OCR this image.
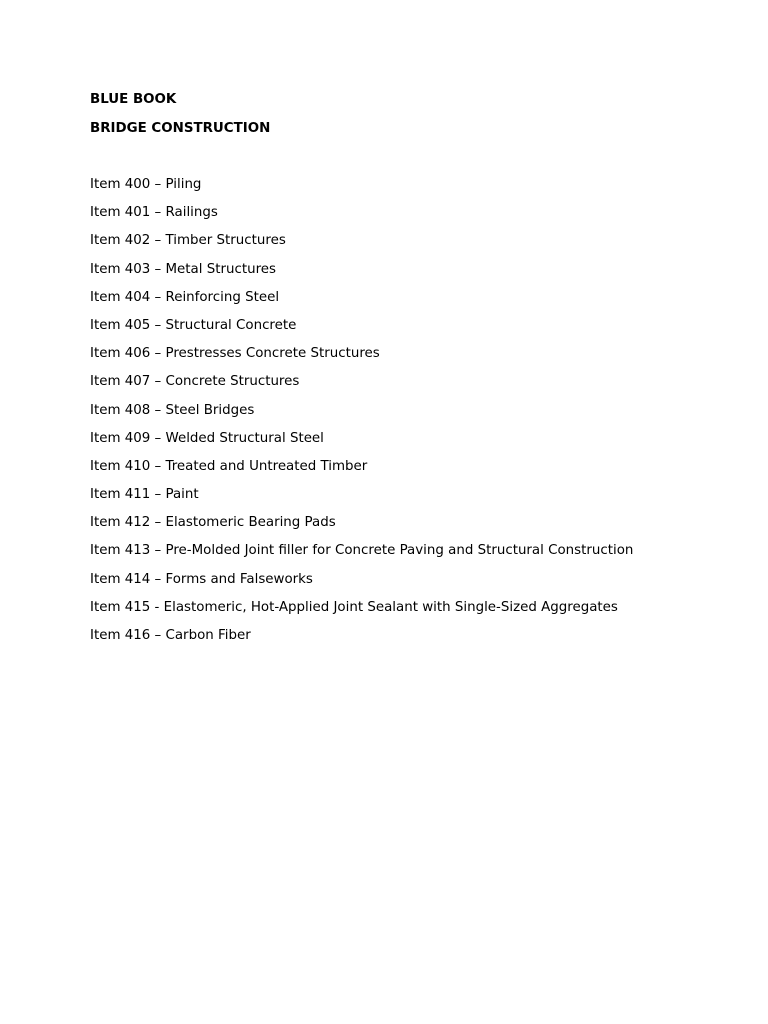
BLUE BOOK

BRIDGE CONSTRUCTION

Item 400 – Piling
Item 401 – Railings
Item 402 – Timber Structures
Item 403 – Metal Structures
Item 404 – Reinforcing Steel
Item 405 – Structural Concrete
Item 406 – Prestresses Concrete Structures
Item 407 – Concrete Structures
Item 408 – Steel Bridges
Item 409 – Welded Structural Steel
Item 410 – Treated and Untreated Timber
Item 411 – Paint
Item 412 – Elastomeric Bearing Pads
Item 413 – Pre-Molded Joint filler for Concrete Paving and Structural Construction
Item 414 – Forms and Falseworks
Item 415 - Elastomeric, Hot-Applied Joint Sealant with Single-Sized Aggregates
Item 416 – Carbon Fiber
